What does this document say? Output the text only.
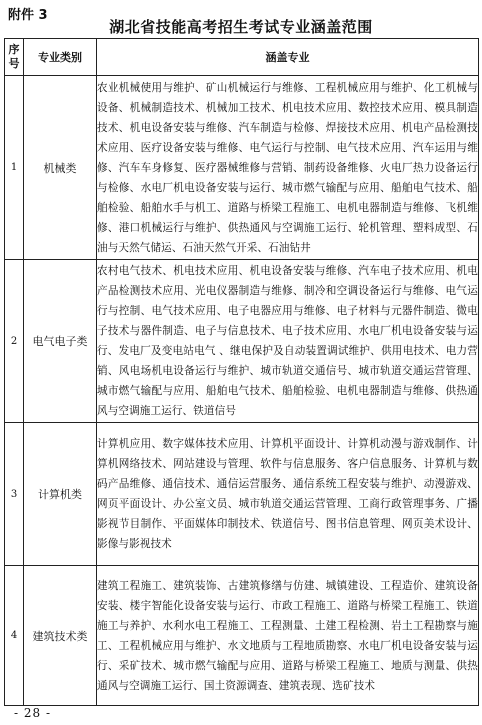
附件 3
湖北省技能高考招生考试专业涵盖范围
序
号	专业类别	涵盖专业
1	机械类	农业机械使用与维护、矿山机械运行与维修、工程机械应用与维护、化工机械与设备、机械制造技术、机械加工技术、机电技术应用、数控技术应用、模具制造技术、机电设备安装与维修、汽车制造与检修、焊接技术应用、机电产品检测技术应用、医疗设备安装与维修、电气运行与控制、电气技术应用、汽车运用与维修、汽车车身修复、医疗器械维修与营销、制药设备维修、火电厂热力设备运行与检修、水电厂机电设备安装与运行、城市燃气输配与应用、船舶电气技术、船舶检验、船舶水手与机工、道路与桥梁工程施工、电机电器制造与维修、飞机维修、港口机械运行与维护、供热通风与空调施工运行、轮机管理、塑料成型、石油与天然气储运、石油天然气开采、石油钻井
2	电气电子类	农村电气技术、机电技术应用、机电设备安装与维修、汽车电子技术应用、机电产品检测技术应用、光电仪器制造与维修、制冷和空调设备运行与维修、电气运行与控制、电气技术应用、电子电器应用与维修、电子材料与元器件制造、微电子技术与器件制造、电子与信息技术、电子技术应用、水电厂机电设备安装与运行、发电厂及变电站电气 、继电保护及自动装置调试维护、供用电技术、电力营销、风电场机电设备运行与维护、城市轨道交通信号、城市轨道交通运营管理、城市燃气输配与应用、船舶电气技术、船舶检验、电机电器制造与维修、供热通风与空调施工运行、铁道信号
3	计算机类	计算机应用、数字媒体技术应用、计算机平面设计、计算机动漫与游戏制作、计算机网络技术、网站建设与管理、软件与信息服务、客户信息服务、计算机与数码产品维修、通信技术、通信运营服务、通信系统工程安装与维护、动漫游戏、网页平面设计、办公室文员、城市轨道交通运营管理、工商行政管理事务、广播影视节目制作、平面媒体印制技术、铁道信号、图书信息管理、网页美术设计、影像与影视技术
4	建筑技术类	建筑工程施工、建筑装饰、古建筑修缮与仿建、城镇建设、工程造价、建筑设备安装、楼宇智能化设备安装与运行、市政工程施工、道路与桥梁工程施工、铁道施工与养护、水利水电工程施工、工程测量、土建工程检测、岩土工程勘察与施工、工程机械应用与维护、水文地质与工程地质勘察、水电厂机电设备安装与运行、采矿技术、城市燃气输配与应用、道路与桥梁工程施工、地质与测量、供热通风与空调施工运行、国土资源调查、建筑表现、选矿技术
- 28 -
